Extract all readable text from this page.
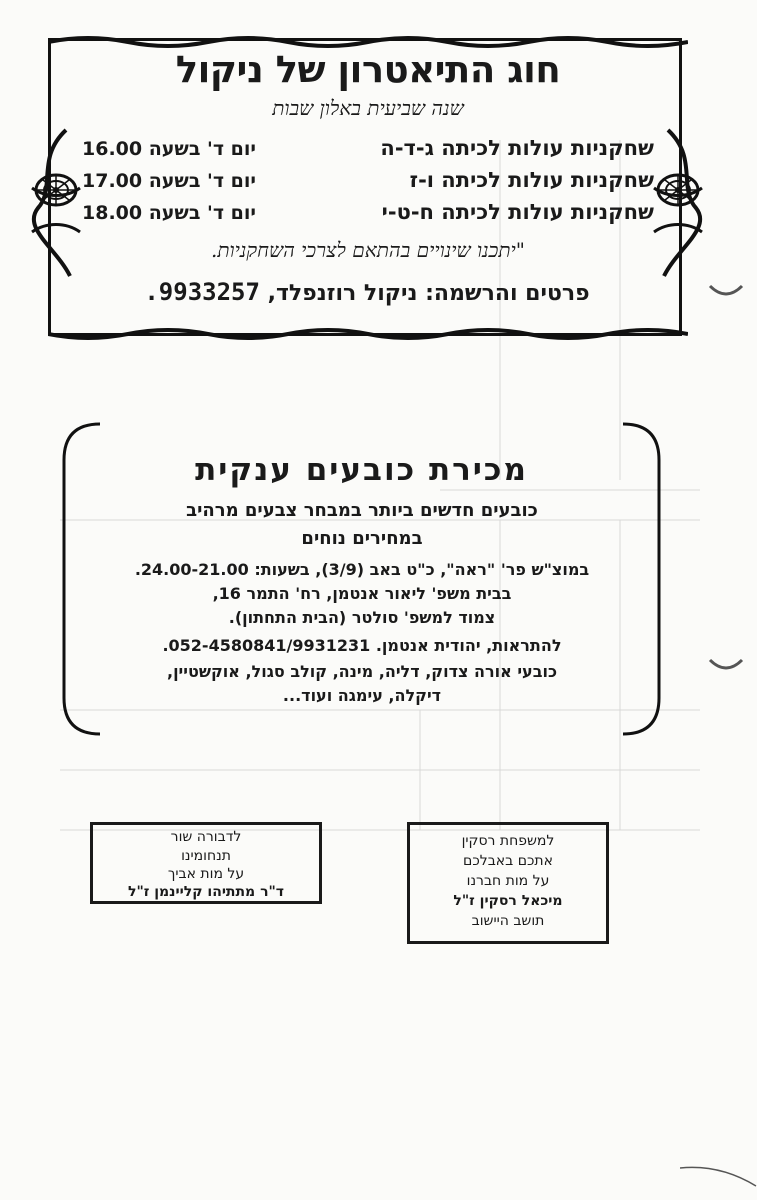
חוג התיאטרון של ניקול
שנה שביעית באלון שבות
שחקניות עולות לכיתה ג-ד-ה
יום ד' בשעה 16.00
שחקניות עולות לכיתה ו-ז
יום ד' בשעה 17.00
שחקניות עולות לכיתה ח-ט-י
יום ד' בשעה 18.00
"יתכנו שינויים בהתאם לצרכי השחקניות.
פרטים והרשמה: ניקול רוזנפלד, 9933257.
מכירת כובעים ענקית
כובעים חדשים ביותר במבחר צבעים מרהיב
במחירים נוחים
במוצ"ש פר' "ראה", כ"ט באב (3/9), בשעות: 24.00-21.00.
בבית משפ' ליאור אנטמן, רח' התמר 16,
צמוד למשפ' סולטר (הבית התחתון).
להתראות, יהודית אנטמן. 052-4580841/9931231.
כובעי אורה צדוק, דליה, מינה, קולב סגול, אוקשטיין,
דיקלה, עימגה ועוד...
למשפחת רסקין
אתכם באבלכם
על מות חברנו
מיכאל רסקין ז"ל
תושב היישוב
לדבורה שור
תנחומינו
על מות אביך
ד"ר מתתיהו קליינמן ז"ל
